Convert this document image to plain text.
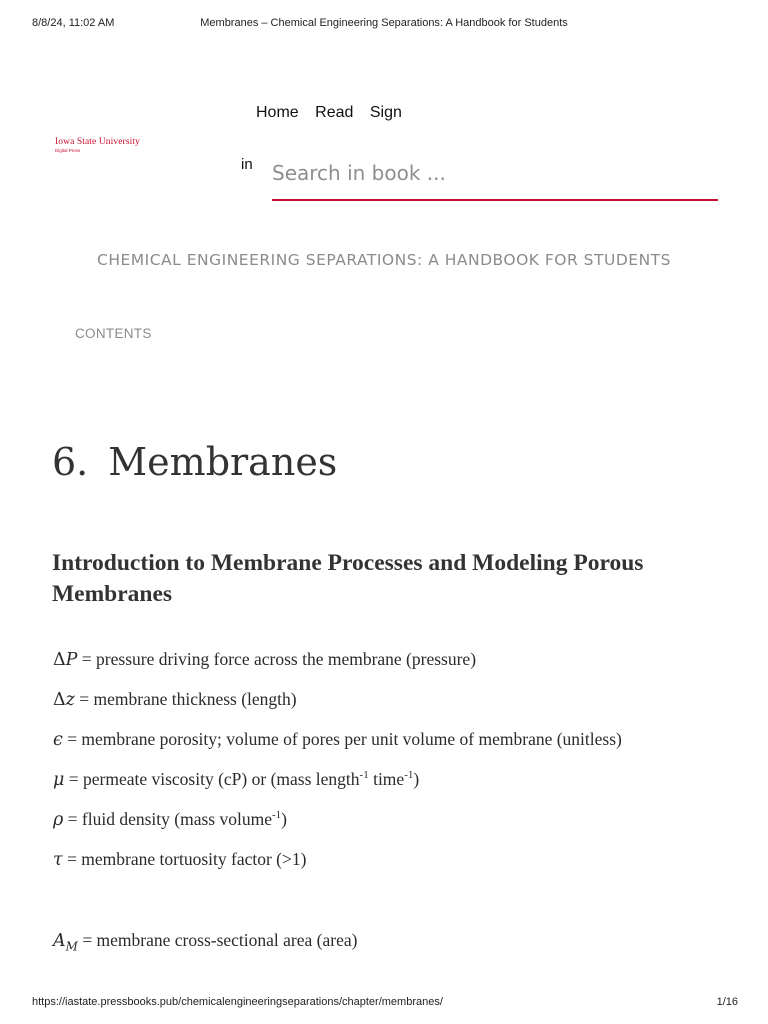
8/8/24, 11:02 AM	Membranes – Chemical Engineering Separations: A Handbook for Students
Iowa State University
Digital Press
Home Read Sign
in
Search in book ...
CHEMICAL ENGINEERING SEPARATIONS: A HANDBOOK FOR STUDENTS
CONTENTS
6. Membranes
Introduction to Membrane Processes and Modeling Porous Membranes
ΔP = pressure driving force across the membrane (pressure)
Δz = membrane thickness (length)
ϵ = membrane porosity; volume of pores per unit volume of membrane (unitless)
μ = permeate viscosity (cP) or (mass length$^{-1}$ time$^{-1}$)
ρ = fluid density (mass volume$^{-1}$)
τ = membrane tortuosity factor (>1)
$A_M$ = membrane cross-sectional area (area)
https://iastate.pressbooks.pub/chemicalengineeringseparations/chapter/membranes/	1/16
